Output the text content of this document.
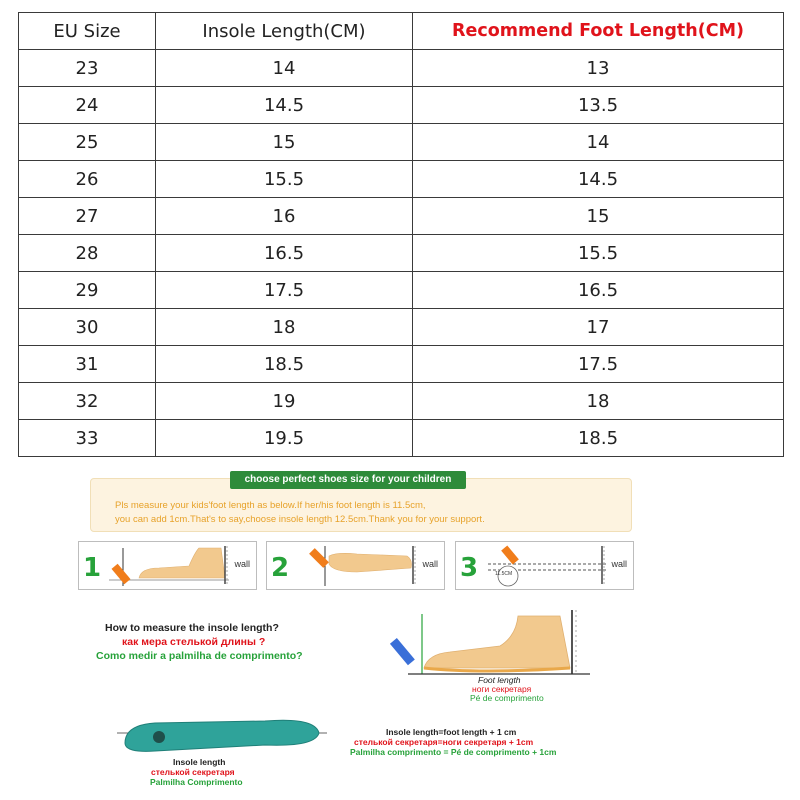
EU Size	Insole Length(CM)	Recommend Foot Length(CM)
23	14	13
24	14.5	13.5
25	15	14
26	15.5	14.5
27	16	15
28	16.5	15.5
29	17.5	16.5
30	18	17
31	18.5	17.5
32	19	18
33	19.5	18.5

Pls measure your kids'foot length as below.If her/his foot length is 11.5cm,

you can add 1cm.That's to say,choose insole length 12.5cm.Thank you for your support.

choose perfect shoes size for your children
1	wall 2	wall 3	wall
11.5CM
How to measure the insole length?
как мера стелькой длины ?
Como medir a palmilha de comprimento?
Foot length
ноги секретаря
Pé de comprimento
Insole length
стелькой секретаря
Palmilha Comprimento
Insole length=foot length + 1 cm
стелькой секретаря=ноги секретаря + 1cm
Palmilha comprimento = Pé de comprimento + 1cm
